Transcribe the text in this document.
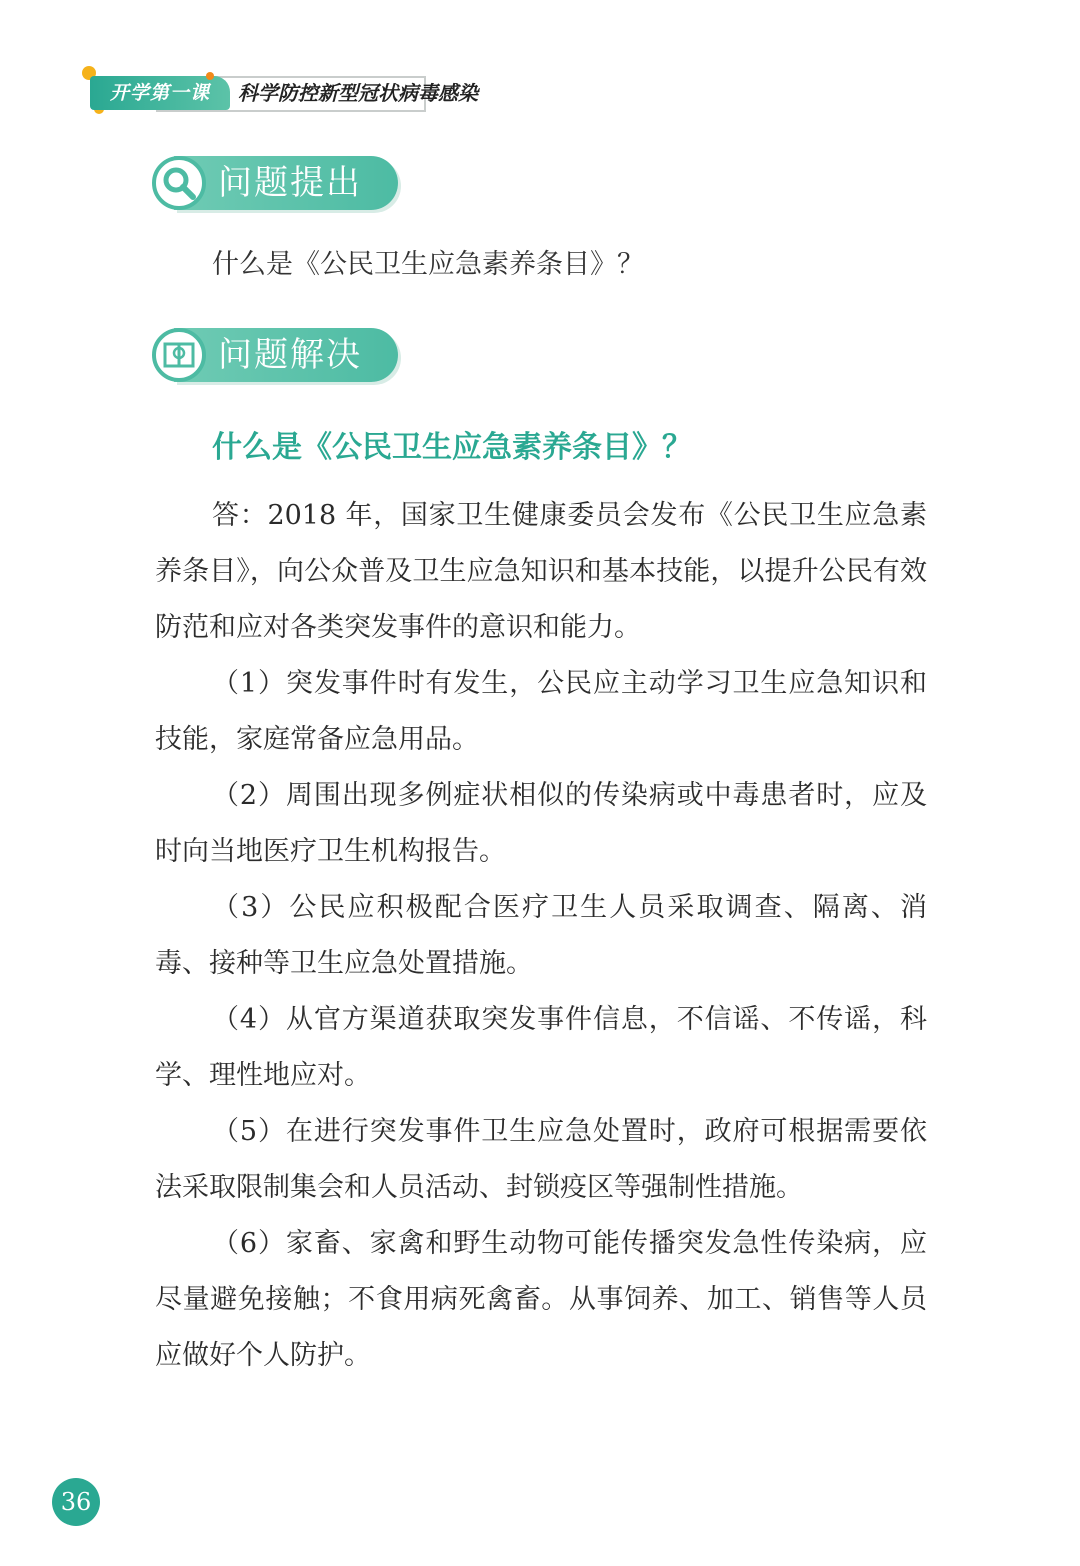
开学第一课	科学防控新型冠状病毒感染
问题提出
什么是《公民卫生应急素养条目》？
问题解决
什么是《公民卫生应急素养条目》？

答：2018 年，国家卫生健康委员会发布《公民卫生应急素养条目》，向公众普及卫生应急知识和基本技能，以提升公民有效防范和应对各类突发事件的意识和能力。

（1）突发事件时有发生，公民应主动学习卫生应急知识和技能，家庭常备应急用品。

（2）周围出现多例症状相似的传染病或中毒患者时，应及时向当地医疗卫生机构报告。

（3）公民应积极配合医疗卫生人员采取调查、隔离、消毒、接种等卫生应急处置措施。

（4）从官方渠道获取突发事件信息，不信谣、不传谣，科学、理性地应对。

（5）在进行突发事件卫生应急处置时，政府可根据需要依法采取限制集会和人员活动、封锁疫区等强制性措施。

（6）家畜、家禽和野生动物可能传播突发急性传染病，应尽量避免接触；不食用病死禽畜。从事饲养、加工、销售等人员应做好个人防护。

36
